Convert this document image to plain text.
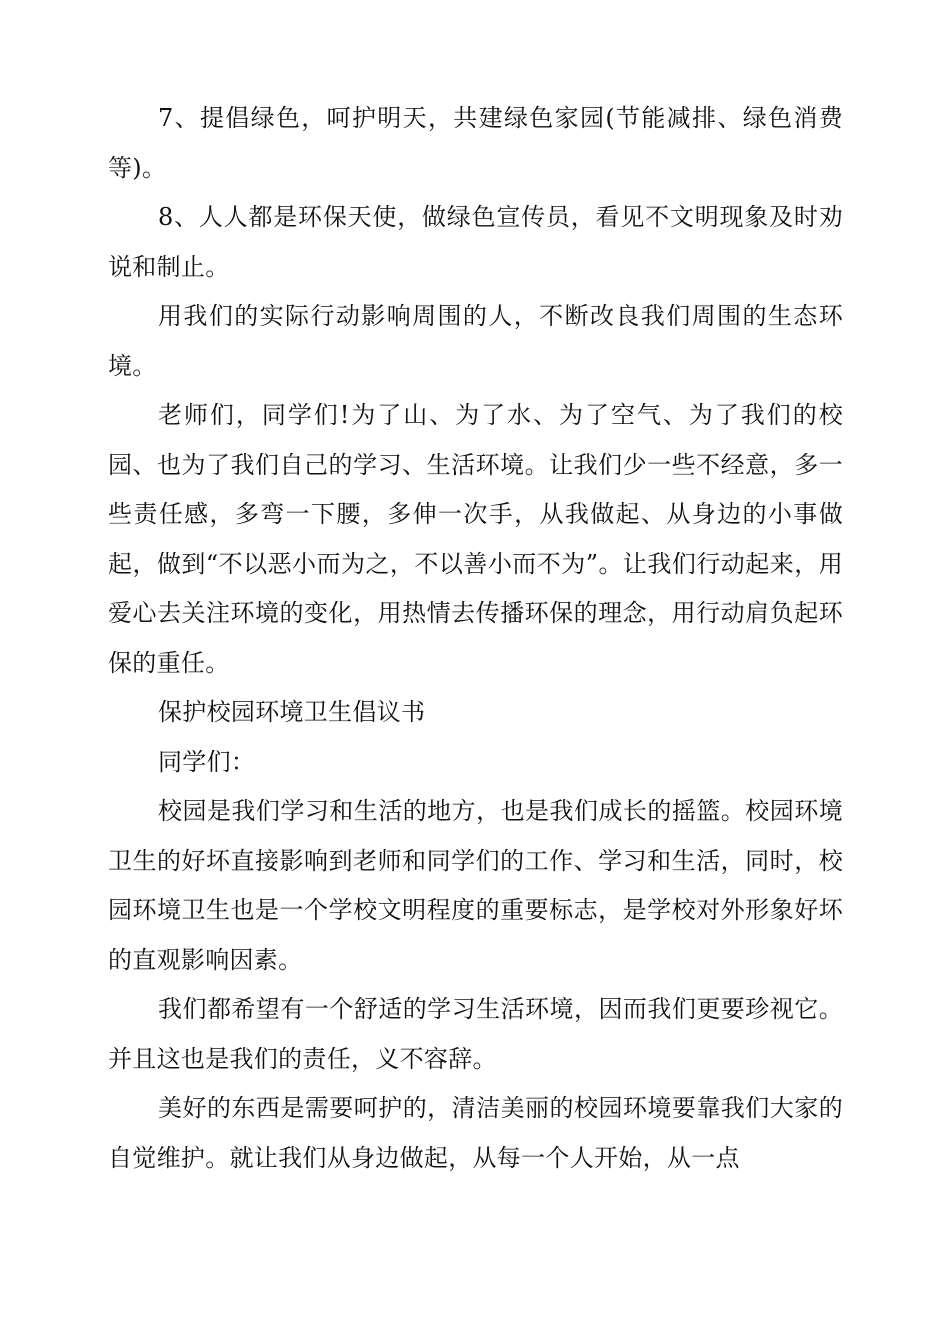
7、提倡绿色，呵护明天，共建绿色家园(节能减排、绿色消费等)。

8、人人都是环保天使，做绿色宣传员，看见不文明现象及时劝说和制止。

用我们的实际行动影响周围的人，不断改良我们周围的生态环境。

老师们，同学们!为了山、为了水、为了空气、为了我们的校园、也为了我们自己的学习、生活环境。让我们少一些不经意，多一些责任感，多弯一下腰，多伸一次手，从我做起、从身边的小事做起，做到“不以恶小而为之，不以善小而不为”。让我们行动起来，用爱心去关注环境的变化，用热情去传播环保的理念，用行动肩负起环保的重任。

保护校园环境卫生倡议书

同学们：

校园是我们学习和生活的地方，也是我们成长的摇篮。校园环境卫生的好坏直接影响到老师和同学们的工作、学习和生活，同时，校园环境卫生也是一个学校文明程度的重要标志，是学校对外形象好坏的直观影响因素。

我们都希望有一个舒适的学习生活环境，因而我们更要珍视它。并且这也是我们的责任，义不容辞。

美好的东西是需要呵护的，清洁美丽的校园环境要靠我们大家的自觉维护。就让我们从身边做起，从每一个人开始，从一点
